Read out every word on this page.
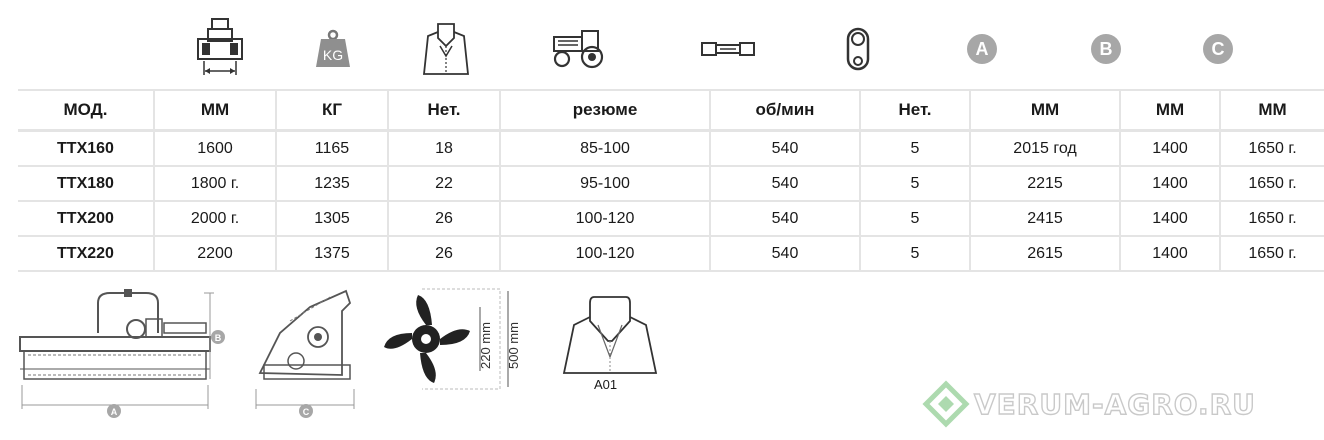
KG	A	B	C
МОД.	ММ	КГ	Нет.	резюме	об/мин	Нет.	ММ	ММ	ММ
TTX160	1600	1165	18	85-100	540	5	2015 год	1400	1650 г.
TTX180	1800 г.	1235	22	95-100	540	5	2215	1400	1650 г.
TTX200	2000 г.	1305	26	100-120	540	5	2415	1400	1650 г.
TTX220	2200	1375	26	100-120	540	5	2615	1400	1650 г.
A
B
C
220 mm 500 mm
A01
VERUM-AGRO.RU
